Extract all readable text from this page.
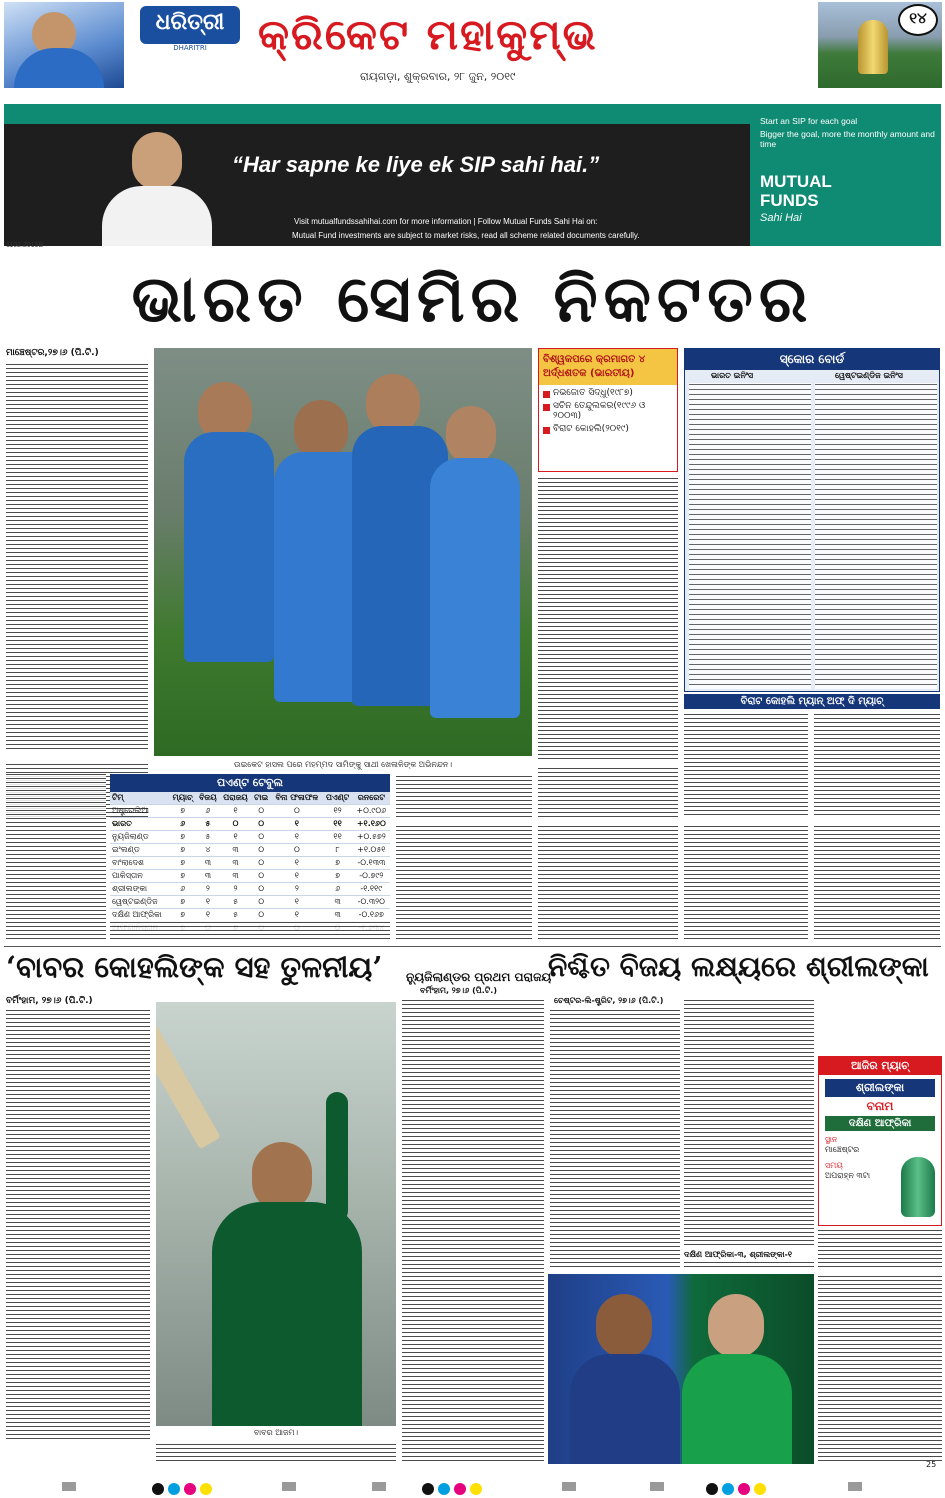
ଧରିତ୍ରୀ
DHARITRI	କ୍ରିକେଟ ମହାକୁମ୍ଭ
ରାୟଗଡ଼ା, ଶୁକ୍ରବାର, ୨୮ ଜୁନ, ୨୦୧୯
୧୪
“Har sapne ke liye ek SIP sahi hai.”
Visit mutualfundssahihai.com for more information | Follow Mutual Funds Sahi Hai on:
Mutual Fund investments are subject to market risks, read all scheme related documents carefully.
Start an SIP for each goal
Bigger the goal, more the monthly amount and time
MUTUAL
FUNDS
Sahi Hai
1102.2019B
ଭାରତ ସେମିର ନିକଟତର
ମାଞ୍ଚେଷ୍ଟର,୨୭।୬ (ପି.ଟି.)
ଉଇକେଟ ହାସଲ ପରେ ମହମ୍ମଦ ସାମିଙ୍କୁ ସାଥୀ ଖେଳାଳିଙ୍କ ଅଭିନନ୍ଦନ।
ବିଶ୍ୱକପରେ କ୍ରମାଗତ ୪ ଅର୍ଦ୍ଧଶତକ (ଭାରତୀୟ)
ନଭଜୋତ ସିଦ୍ଧୁ(୧୯୮୭)
ସଚିନ ତେନ୍ଦୁଲକର(୧୯୯୬ ଓ ୨୦୦୩)
ବିରାଟ କୋହଲି(୨୦୧୯)
ସ୍କୋର ବୋର୍ଡ
ଭାରତ ଇନିଂସ	ୱେଷ୍ଟଇଣ୍ଡିଜ ଇନିଂସ
ବିରାଟ କୋହଲି ମ୍ୟାନ୍ ଅଫ୍ ଦି ମ୍ୟାଚ୍
ପଏଣ୍ଟ ଟେବୁଲ
ଟିମ୍	ମ୍ୟାଚ୍	ବିଜୟ	ପରାଜୟ	ଟାଇ	ବିନା ଫଳାଫଳ	ପଏଣ୍ଟ	ରନରେଟ
ଅଷ୍ଟ୍ରେଲିଆ	୭	୬	୧	୦	୦	୧୨	+୦.୯୦୬
ଭାରତ	୬	୫	୦	୦	୧	୧୧	+୧.୧୬୦
ନ୍ୟୁଜିଲାଣ୍ଡ	୭	୫	୧	୦	୧	୧୧	+୦.୫୭୨
ଇଂଲଣ୍ଡ	୭	୪	୩	୦	୦	୮	+୧.୦୫୧
ବାଂଲାଦେଶ	୭	୩	୩	୦	୧	୭	-୦.୧୩୩
ପାକିସ୍ତାନ	୭	୩	୩	୦	୧	୭	-୦.୭୯୨
ଶ୍ରୀଲଙ୍କା	୬	୨	୨	୦	୨	୬	-୧.୧୧୯
ୱେଷ୍ଟଇଣ୍ଡିଜ	୭	୧	୫	୦	୧	୩	-୦.୩୨୦
ଦକ୍ଷିଣ ଆଫ୍ରିକା	୭	୧	୫	୦	୧	୩	-୦.୧୬୭

‘ବାବର କୋହଲିଙ୍କ ସହ ତୁଳନୀୟ’
ବର୍ମିଂହାମ, ୨୭।୬ (ପି.ଟି.)
ବାବର ଆଜମ।
ନ୍ୟୁଜିଲାଣ୍ଡର ପ୍ରଥମ ପରାଜୟ
ବର୍ମିଂହାମ, ୨୭।୬ (ପି.ଟି.)
ନିଶ୍ଚିତ ବିଜୟ ଲକ୍ଷ୍ୟରେ ଶ୍ରୀଲଙ୍କା
ଚେଷ୍ଟର-ଲି-ଷ୍ଟ୍ରିଟ, ୨୭।୬ (ପି.ଟି.)
ଦକ୍ଷିଣ ଆଫ୍ରିକା-୩, ଶ୍ରୀଲଙ୍କା-୧
ଆଜିର ମ୍ୟାଚ୍
ଶ୍ରୀଲଙ୍କା
ବନାମ
ଦକ୍ଷିଣ ଆଫ୍ରିକା
ସ୍ଥାନ
ମାଞ୍ଚେଷ୍ଟର
ସମୟ
ଅପରାହ୍ନ ୩ଟା
25
